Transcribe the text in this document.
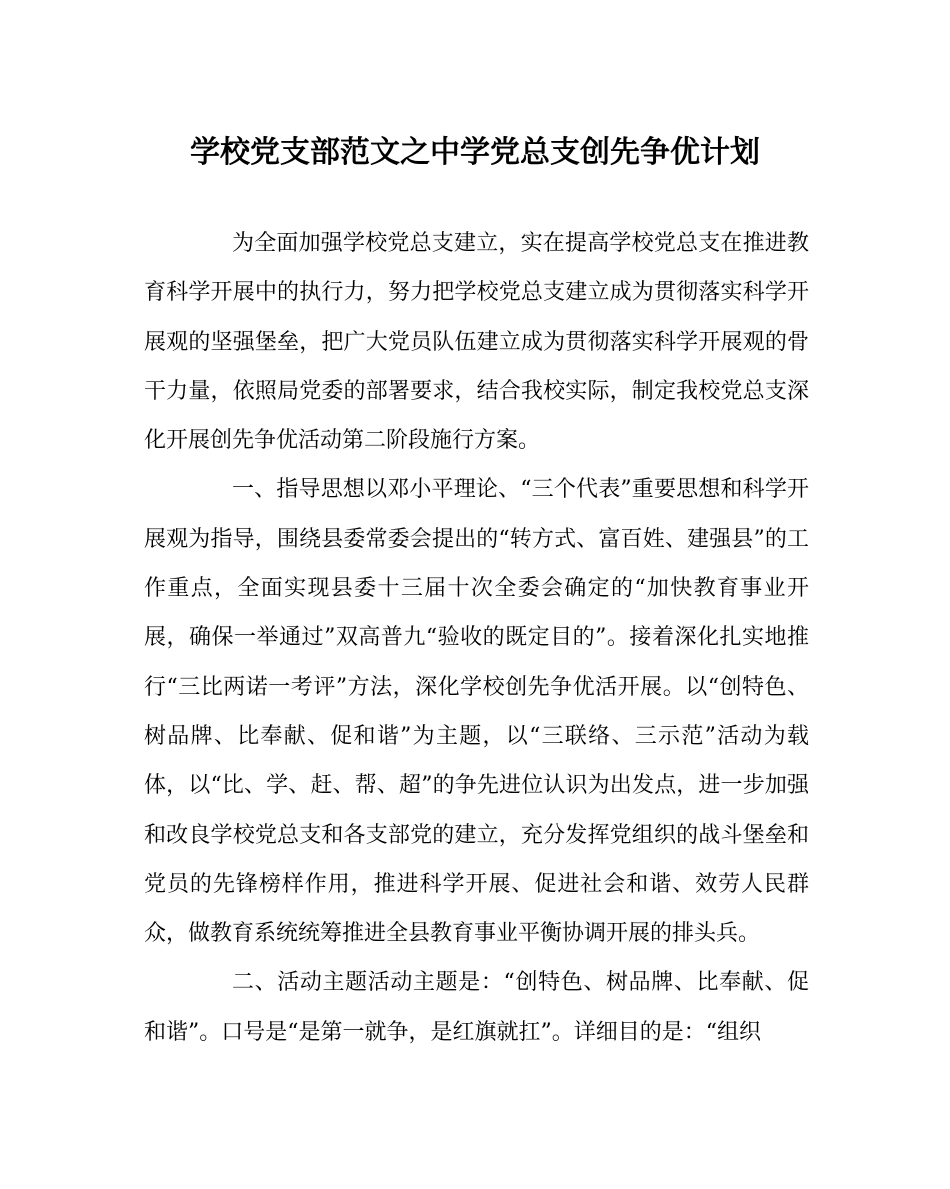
学校党支部范文之中学党总支创先争优计划

为全面加强学校党总支建立，实在提高学校党总支在推进教育科学开展中的执行力，努力把学校党总支建立成为贯彻落实科学开展观的坚强堡垒，把广大党员队伍建立成为贯彻落实科学开展观的骨干力量，依照局党委的部署要求，结合我校实际，制定我校党总支深化开展创先争优活动第二阶段施行方案。

一、指导思想以邓小平理论、“三个代表”重要思想和科学开展观为指导，围绕县委常委会提出的“转方式、富百姓、建强县”的工作重点，全面实现县委十三届十次全委会确定的“加快教育事业开展，确保一举通过”双高普九“验收的既定目的”。接着深化扎实地推行“三比两诺一考评”方法，深化学校创先争优活开展。以“创特色、树品牌、比奉献、促和谐”为主题，以“三联络、三示范”活动为载体，以“比、学、赶、帮、超”的争先进位认识为出发点，进一步加强和改良学校党总支和各支部党的建立，充分发挥党组织的战斗堡垒和党员的先锋榜样作用，推进科学开展、促进社会和谐、效劳人民群众，做教育系统统筹推进全县教育事业平衡协调开展的排头兵。

二、活动主题活动主题是：“创特色、树品牌、比奉献、促和谐”。口号是“是第一就争，是红旗就扛”。详细目的是：“组织
